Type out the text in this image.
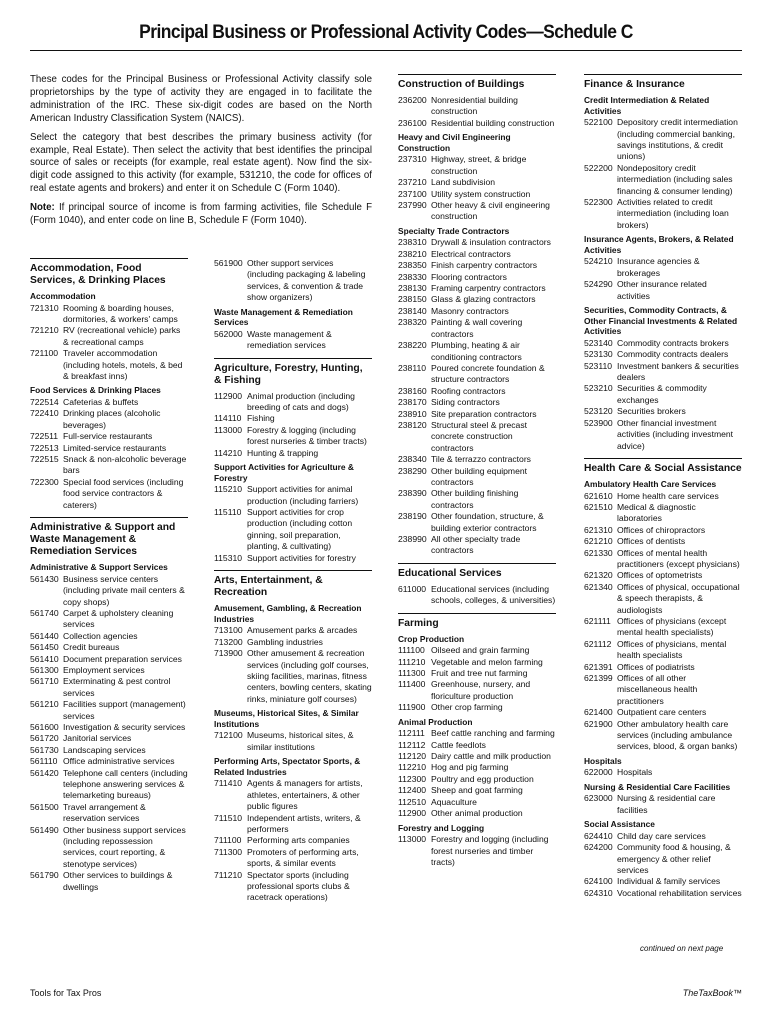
Principal Business or Professional Activity Codes—Schedule C

These codes for the Principal Business or Professional Activity classify sole proprietorships by the type of activity they are engaged in to facilitate the administration of the IRC. These six-digit codes are based on the North American Industry Classification System (NAICS).

Select the category that best describes the primary business activity (for example, Real Estate). Then select the activity that best identifies the principal source of sales or receipts (for example, real estate agent). Now find the six-digit code assigned to this activity (for example, 531210, the code for offices of real estate agents and brokers) and enter it on Schedule C (Form 1040).

Note: If principal source of income is from farming activities, file Schedule F (Form 1040), and enter code on line B, Schedule F (Form 1040).

Accommodation, Food Services, & Drinking Places
Accommodation
721310 Rooming & boarding houses, dormitories, & workers' camps
721210 RV (recreational vehicle) parks & recreational camps
721100 Traveler accommodation (including hotels, motels, & bed & breakfast inns)
Food Services & Drinking Places
722514 Cafeterias & buffets
722410 Drinking places (alcoholic beverages)
722511 Full-service restaurants
722513 Limited-service restaurants
722515 Snack & non-alcoholic beverage bars
722300 Special food services (including food service contractors & caterers)
Administrative & Support and Waste Management & Remediation Services
Administrative & Support Services
561430 Business service centers (including private mail centers & copy shops)
561740 Carpet & upholstery cleaning services
561440 Collection agencies
561450 Credit bureaus
561410 Document preparation services
561300 Employment services
561710 Exterminating & pest control services
561210 Facilities support (management) services
561600 Investigation & security services
561720 Janitorial services
561730 Landscaping services
561110 Office administrative services
561420 Telephone call centers (including telephone answering services & telemarketing bureaus)
561500 Travel arrangement & reservation services
561490 Other business support services (including repossession services, court reporting, & stenotype services)
561790 Other services to buildings & dwellings
561900 Other support services (including packaging & labeling services, & convention & trade show organizers)
Waste Management & Remediation Services
562000 Waste management & remediation services
Agriculture, Forestry, Hunting, & Fishing
112900 Animal production (including breeding of cats and dogs)
114110 Fishing
113000 Forestry & logging (including forest nurseries & timber tracts)
114210 Hunting & trapping
Support Activities for Agriculture & Forestry
115210 Support activities for animal production (including farriers)
115110 Support activities for crop production (including cotton ginning, soil preparation, planting, & cultivating)
115310 Support activities for forestry
Arts, Entertainment, & Recreation
Amusement, Gambling, & Recreation Industries
713100 Amusement parks & arcades
713200 Gambling industries
713900 Other amusement & recreation services (including golf courses, skiing facilities, marinas, fitness centers, bowling centers, skating rinks, miniature golf courses)
Museums, Historical Sites, & Similar Institutions
712100 Museums, historical sites, & similar institutions
Performing Arts, Spectator Sports, & Related Industries
711410 Agents & managers for artists, athletes, entertainers, & other public figures
711510 Independent artists, writers, & performers
711100 Performing arts companies
711300 Promoters of performing arts, sports, & similar events
711210 Spectator sports (including professional sports clubs & racetrack operations)
Construction of Buildings
236200 Nonresidential building construction
236100 Residential building construction
Heavy and Civil Engineering Construction
237310 Highway, street, & bridge construction
237210 Land subdivision
237100 Utility system construction
237990 Other heavy & civil engineering construction
Specialty Trade Contractors
238310 Drywall & insulation contractors
238210 Electrical contractors
238350 Finish carpentry contractors
238330 Flooring contractors
238130 Framing carpentry contractors
238150 Glass & glazing contractors
238140 Masonry contractors
238320 Painting & wall covering contractors
238220 Plumbing, heating & air conditioning contractors
238110 Poured concrete foundation & structure contractors
238160 Roofing contractors
238170 Siding contractors
238910 Site preparation contractors
238120 Structural steel & precast concrete construction contractors
238340 Tile & terrazzo contractors
238290 Other building equipment contractors
238390 Other building finishing contractors
238190 Other foundation, structure, & building exterior contractors
238990 All other specialty trade contractors
Educational Services
611000 Educational services (including schools, colleges, & universities)
Farming
Crop Production
111100 Oilseed and grain farming
111210 Vegetable and melon farming
111300 Fruit and tree nut farming
111400 Greenhouse, nursery, and floriculture production
111900 Other crop farming
Animal Production
112111 Beef cattle ranching and farming
112112 Cattle feedlots
112120 Dairy cattle and milk production
112210 Hog and pig farming
112300 Poultry and egg production
112400 Sheep and goat farming
112510 Aquaculture
112900 Other animal production
Forestry and Logging
113000 Forestry and logging (including forest nurseries and timber tracts)
Finance & Insurance
Credit Intermediation & Related Activities
522100 Depository credit intermediation (including commercial banking, savings institutions, & credit unions)
522200 Nondepository credit intermediation (including sales financing & consumer lending)
522300 Activities related to credit intermediation (including loan brokers)
Insurance Agents, Brokers, & Related Activities
524210 Insurance agencies & brokerages
524290 Other insurance related activities
Securities, Commodity Contracts, & Other Financial Investments & Related Activities
523140 Commodity contracts brokers
523130 Commodity contracts dealers
523110 Investment bankers & securities dealers
523210 Securities & commodity exchanges
523120 Securities brokers
523900 Other financial investment activities (including investment advice)
Health Care & Social Assistance
Ambulatory Health Care Services
621610 Home health care services
621510 Medical & diagnostic laboratories
621310 Offices of chiropractors
621210 Offices of dentists
621330 Offices of mental health practitioners (except physicians)
621320 Offices of optometrists
621340 Offices of physical, occupational & speech therapists, & audiologists
621111 Offices of physicians (except mental health specialists)
621112 Offices of physicians, mental health specialists
621391 Offices of podiatrists
621399 Offices of all other miscellaneous health practitioners
621400 Outpatient care centers
621900 Other ambulatory health care services (including ambulance services, blood, & organ banks)
Hospitals
622000 Hospitals
Nursing & Residential Care Facilities
623000 Nursing & residential care facilities
Social Assistance
624410 Child day care services
624200 Community food & housing, & emergency & other relief services
624100 Individual & family services
624310 Vocational rehabilitation services
Tools for Tax Pros	TheTaxBook™
continued on next page
